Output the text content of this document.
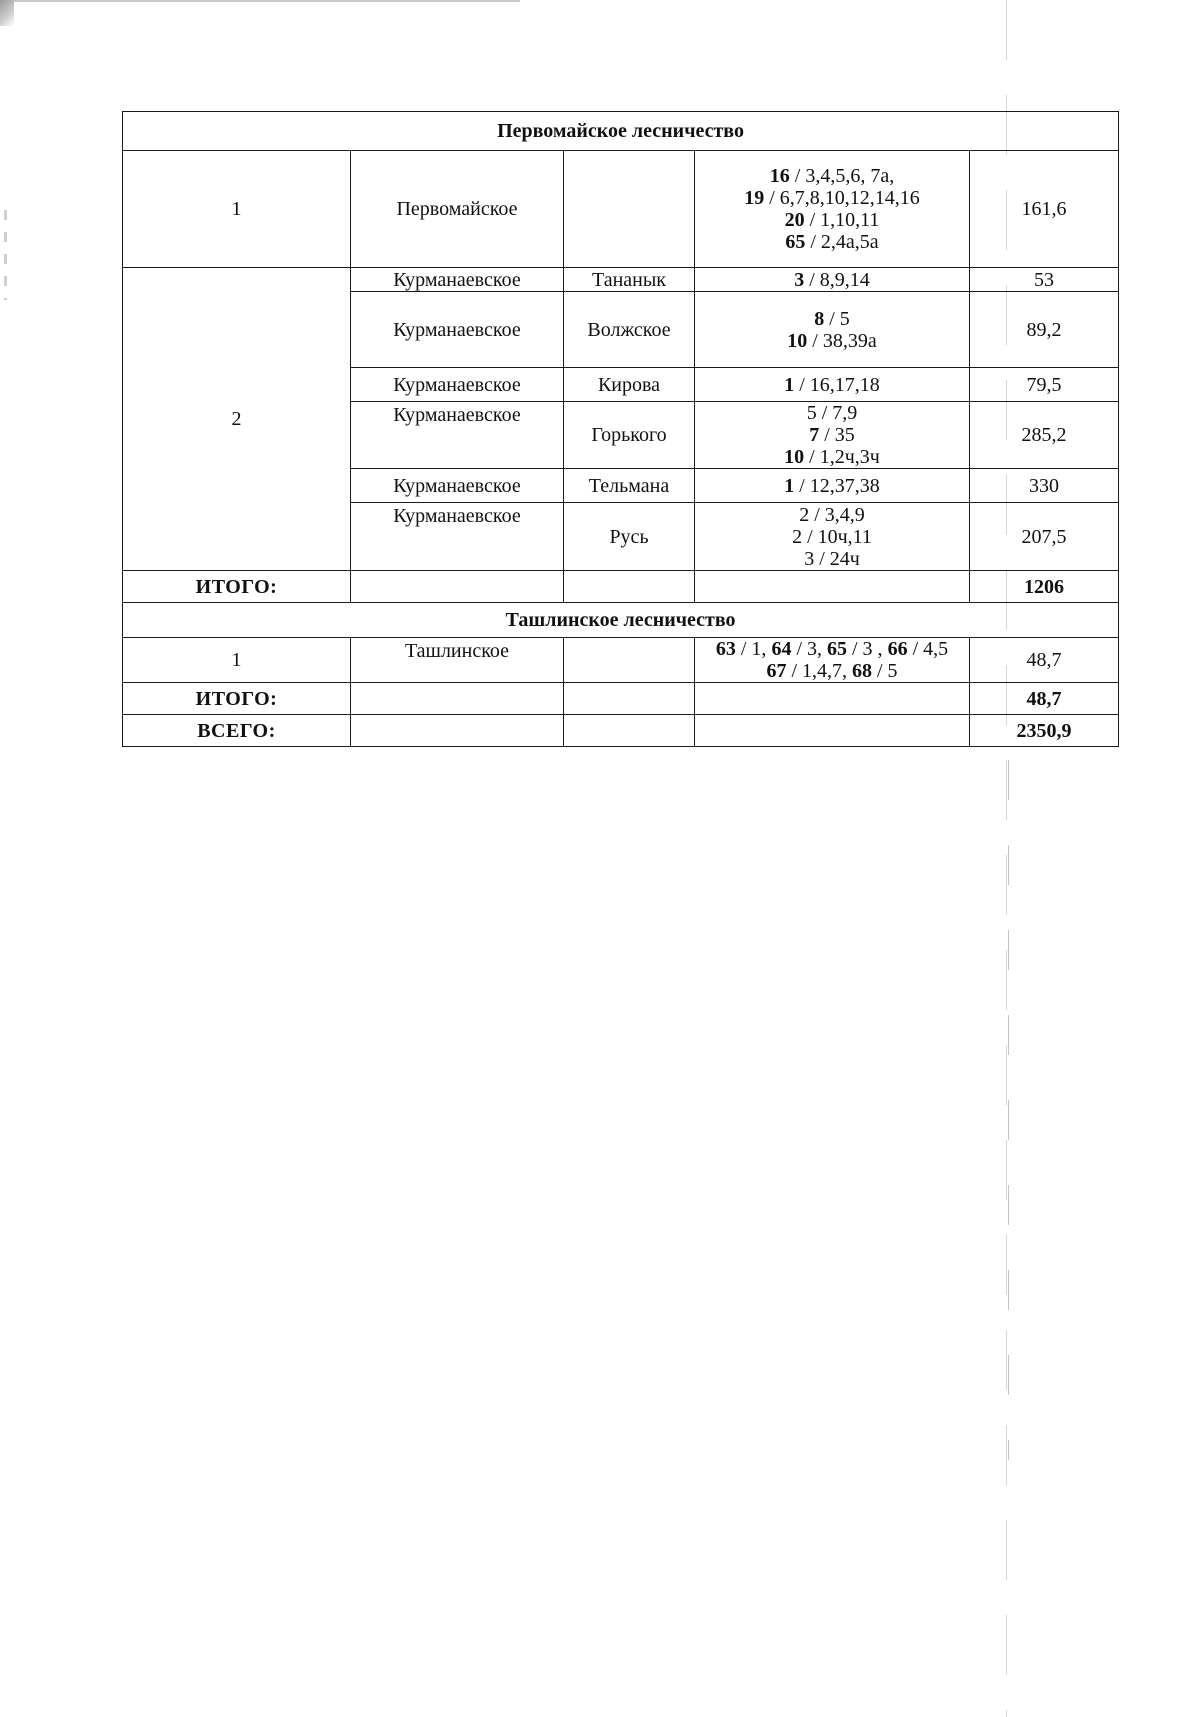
Первомайское лесничество				
1	Первомайское		16 / 3,4,5,6, 7а,
19 / 6,7,8,10,12,14,16
20 / 1,10,11
65 / 2,4а,5а	161,6
2	Курманаевское	Тананык	3 / 8,9,14	53
	Курманаевское	Волжское	8 / 5
10 / 38,39а	89,2
	Курманаевское	Кирова	1 / 16,17,18	79,5
	Курманаевское	Горького	5 / 7,9
7 / 35
10 / 1,2ч,3ч	285,2
	Курманаевское	Тельмана	1 / 12,37,38	330
	Курманаевское	Русь	2 / 3,4,9
2 / 10ч,11
3 / 24ч	207,5
ИТОГО:				1206
Ташлинское лесничество				
1	Ташлинское		63 / 1, 64 / 3, 65 / 3 , 66 / 4,5
67 / 1,4,7, 68 / 5	48,7
ИТОГО:				48,7
ВСЕГО:				2350,9
